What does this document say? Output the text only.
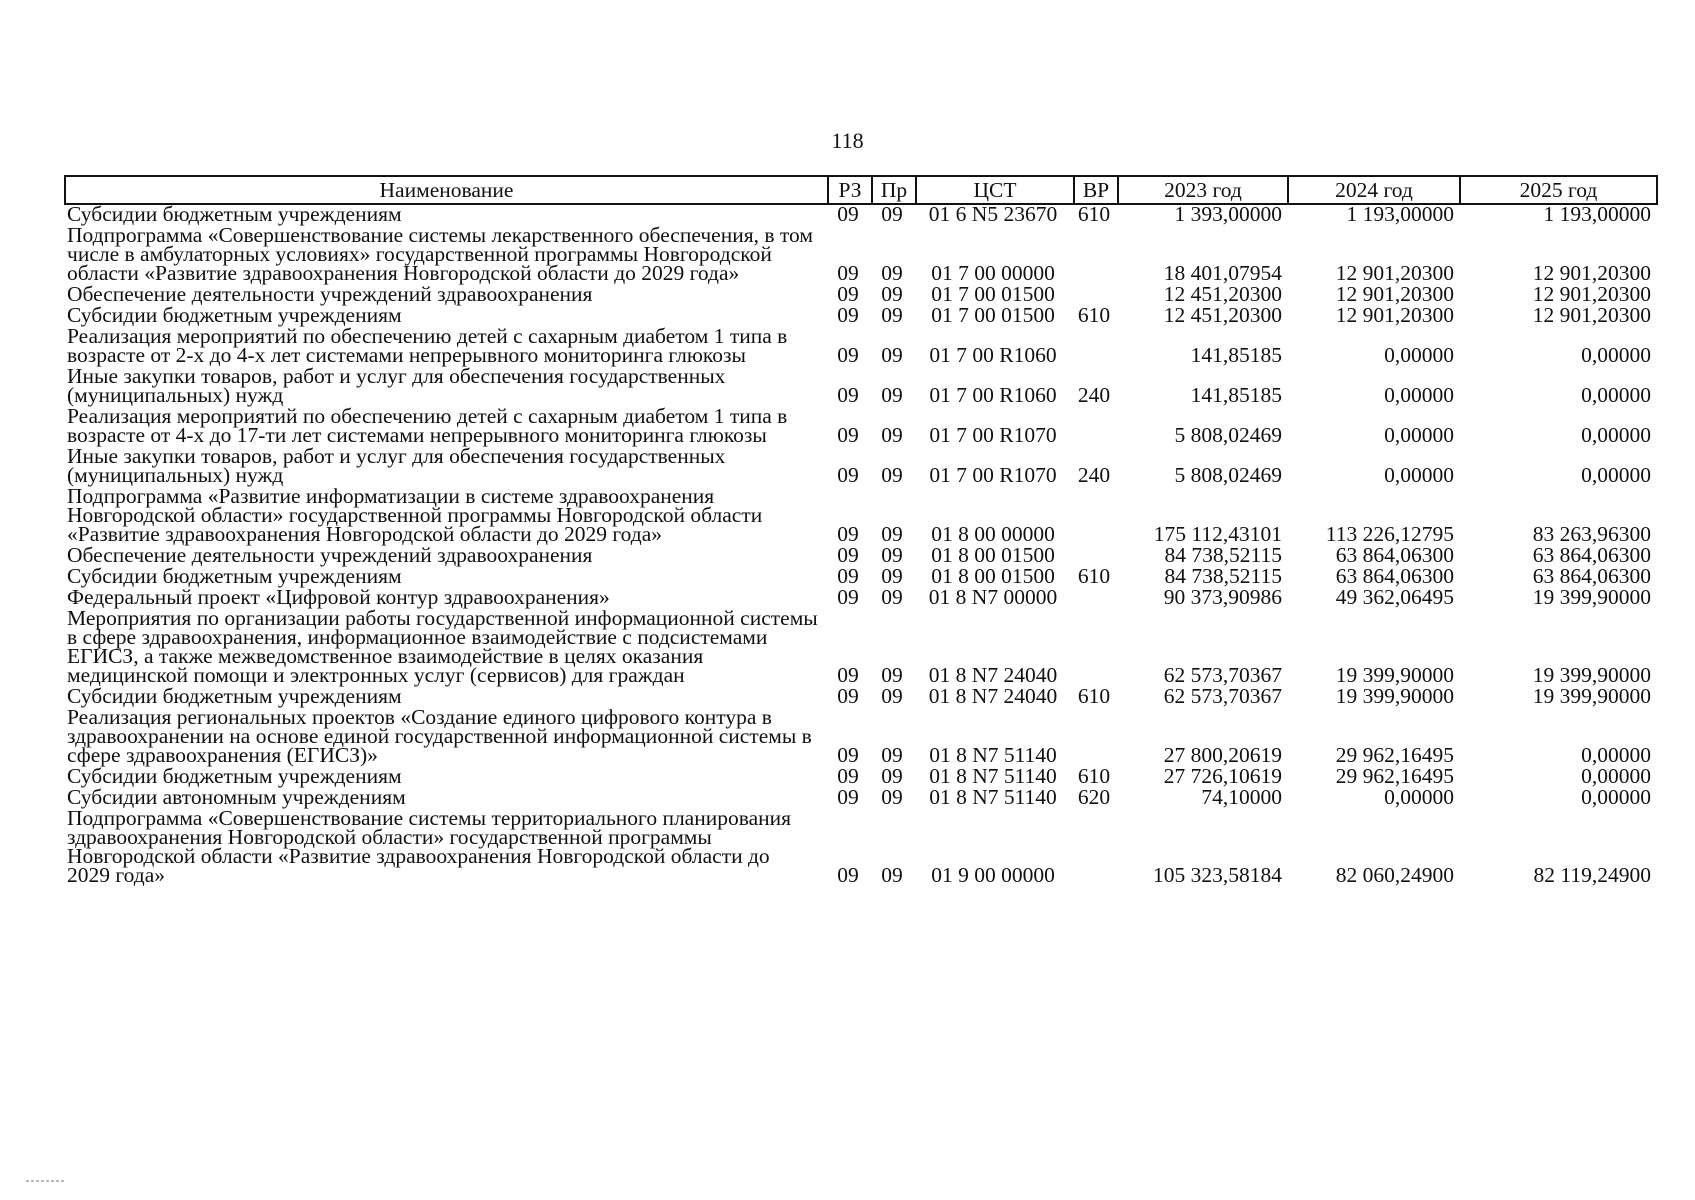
118
Наименование	РЗ	Пр	ЦСТ	ВР	2023 год	2024 год	2025 год
Субсидии бюджетным учреждениям	09	09	01 6 N5 23670	610	1 393,00000	1 193,00000	1 193,00000
Подпрограмма «Совершенствование системы лекарственного обеспечения, в том числе в амбулаторных условиях» государственной программы Новгородской области «Развитие здравоохранения Новгородской области до 2029 года»	09	09	01 7 00 00000		18 401,07954	12 901,20300	12 901,20300
Обеспечение деятельности учреждений здравоохранения	09	09	01 7 00 01500		12 451,20300	12 901,20300	12 901,20300
Субсидии бюджетным учреждениям	09	09	01 7 00 01500	610	12 451,20300	12 901,20300	12 901,20300
Реализация мероприятий по обеспечению детей с сахарным диабетом 1 типа в возрасте от 2-х до 4-х лет системами непрерывного мониторинга глюкозы	09	09	01 7 00 R1060		141,85185	0,00000	0,00000
Иные закупки товаров, работ и услуг для обеспечения государственных (муниципальных) нужд	09	09	01 7 00 R1060	240	141,85185	0,00000	0,00000
Реализация мероприятий по обеспечению детей с сахарным диабетом 1 типа в возрасте от 4-х до 17-ти лет системами непрерывного мониторинга глюкозы	09	09	01 7 00 R1070		5 808,02469	0,00000	0,00000
Иные закупки товаров, работ и услуг для обеспечения государственных (муниципальных) нужд	09	09	01 7 00 R1070	240	5 808,02469	0,00000	0,00000
Подпрограмма «Развитие информатизации в системе здравоохранения Новгородской области» государственной программы Новгородской области «Развитие здравоохранения Новгородской области до 2029 года»	09	09	01 8 00 00000		175 112,43101	113 226,12795	83 263,96300
Обеспечение деятельности учреждений здравоохранения	09	09	01 8 00 01500		84 738,52115	63 864,06300	63 864,06300
Субсидии бюджетным учреждениям	09	09	01 8 00 01500	610	84 738,52115	63 864,06300	63 864,06300
Федеральный проект «Цифровой контур здравоохранения»	09	09	01 8 N7 00000		90 373,90986	49 362,06495	19 399,90000
Мероприятия по организации работы государственной информационной системы в сфере здравоохранения, информационное взаимодействие с подсистемами ЕГИСЗ, а также межведомственное взаимодействие в целях оказания медицинской помощи и электронных услуг (сервисов) для граждан	09	09	01 8 N7 24040		62 573,70367	19 399,90000	19 399,90000
Субсидии бюджетным учреждениям	09	09	01 8 N7 24040	610	62 573,70367	19 399,90000	19 399,90000
Реализация региональных проектов «Создание единого цифрового контура в здравоохранении на основе единой государственной информационной системы в сфере здравоохранения (ЕГИСЗ)»	09	09	01 8 N7 51140		27 800,20619	29 962,16495	0,00000
Субсидии бюджетным учреждениям	09	09	01 8 N7 51140	610	27 726,10619	29 962,16495	0,00000
Субсидии автономным учреждениям	09	09	01 8 N7 51140	620	74,10000	0,00000	0,00000
Подпрограмма «Совершенствование системы территориального планирования здравоохранения Новгородской области» государственной программы Новгородской области «Развитие здравоохранения Новгородской области до 2029 года»	09	09	01 9 00 00000		105 323,58184	82 060,24900	82 119,24900
